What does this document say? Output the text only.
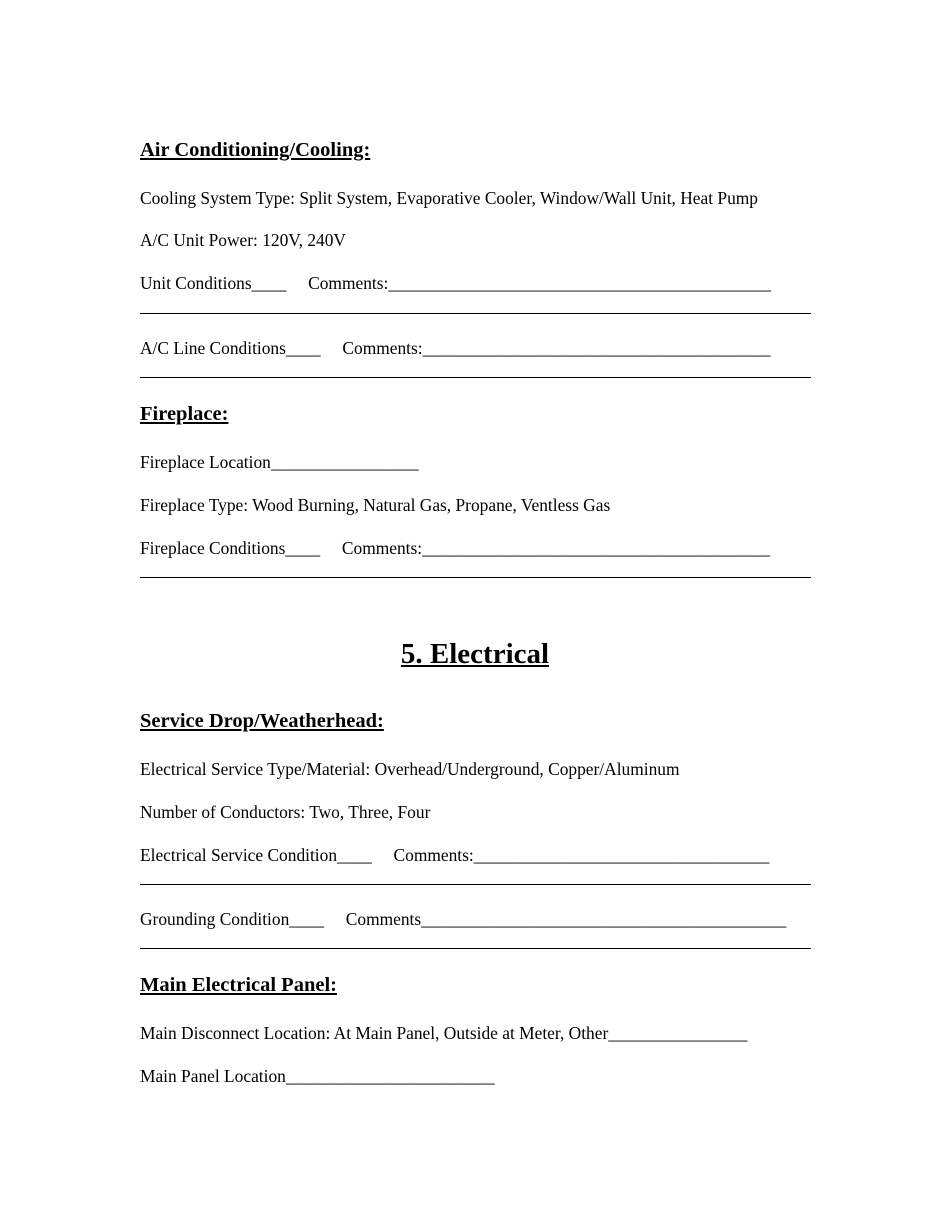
Air Conditioning/Cooling:
Cooling System Type: Split System, Evaporative Cooler, Window/Wall Unit, Heat Pump
A/C Unit Power: 120V, 240V
Unit Conditions____     Comments:____________________________________________
A/C Line Conditions____     Comments:________________________________________
Fireplace:
Fireplace Location_________________
Fireplace Type: Wood Burning, Natural Gas, Propane, Ventless Gas
Fireplace Conditions____     Comments:________________________________________
5. Electrical
Service Drop/Weatherhead:
Electrical Service Type/Material: Overhead/Underground, Copper/Aluminum
Number of Conductors: Two, Three, Four
Electrical Service Condition____     Comments:__________________________________
Grounding Condition____     Comments__________________________________________
Main Electrical Panel:
Main Disconnect Location: At Main Panel, Outside at Meter, Other________________
Main Panel Location________________________
